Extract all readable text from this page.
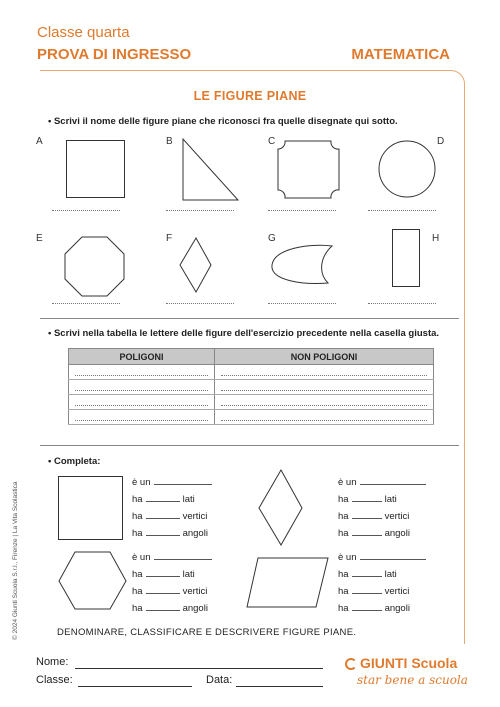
Classe quarta
PROVA DI INGRESSO	MATEMATICA
LE FIGURE PIANE
• Scrivi il nome delle figure piane che riconosci fra quelle disegnate qui sotto.
A	B	C	D
E	F	G	H
• Scrivi nella tabella le lettere delle figure dell'esercizio precedente nella casella giusta.
POLIGONI	NON POLIGONI

• Completa:
è un
ha	lati
ha	vertici
ha	angoli
è un
ha	lati
ha	vertici
ha	angoli
è un
ha	lati
ha	vertici
ha	angoli
è un
ha	lati
ha	vertici
ha	angoli
DENOMINARE, CLASSIFICARE E DESCRIVERE FIGURE PIANE.
© 2024 Giunti Scuola S.r.l., Firenze | La Vita Scolastica
Nome:
Classe:	Data:
GIUNTI Scuola
star bene a scuola
